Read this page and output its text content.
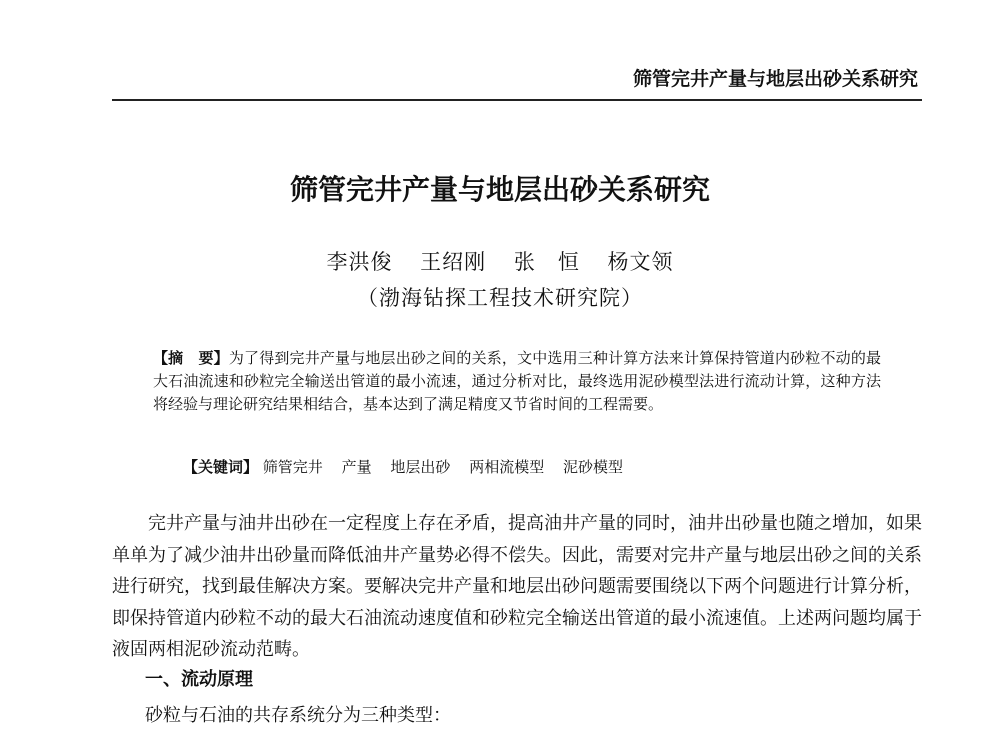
筛管完井产量与地层出砂关系研究
筛管完井产量与地层出砂关系研究
李洪俊 王绍刚 张　恒 杨文领
（渤海钻探工程技术研究院）
【摘　要】为了得到完井产量与地层出砂之间的关系，文中选用三种计算方法来计算保持管道内砂粒不动的最大石油流速和砂粒完全输送出管道的最小流速，通过分析对比，最终选用泥砂模型法进行流动计算，这种方法将经验与理论研究结果相结合，基本达到了满足精度又节省时间的工程需要。
【关键词】 筛管完井 产量 地层出砂 两相流模型 泥砂模型
完井产量与油井出砂在一定程度上存在矛盾，提高油井产量的同时，油井出砂量也随之增加，如果单单为了减少油井出砂量而降低油井产量势必得不偿失。因此，需要对完井产量与地层出砂之间的关系进行研究，找到最佳解决方案。要解决完井产量和地层出砂问题需要围绕以下两个问题进行计算分析，即保持管道内砂粒不动的最大石油流动速度值和砂粒完全输送出管道的最小流速值。上述两问题均属于液固两相泥砂流动范畴。
一、流动原理
砂粒与石油的共存系统分为三种类型：
